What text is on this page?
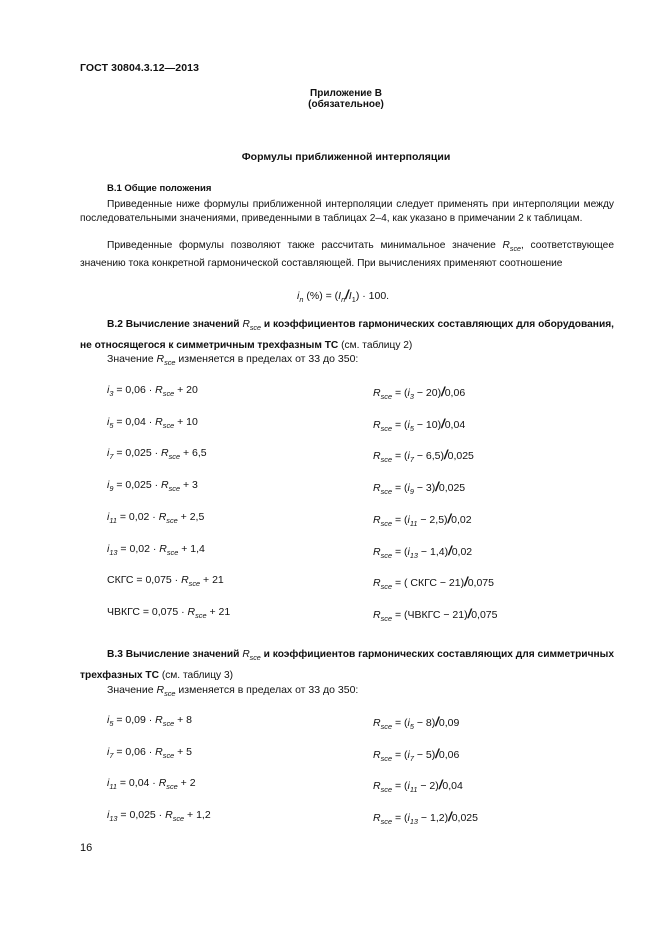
ГОСТ 30804.3.12—2013
Приложение В
(обязательное)
Формулы приближенной интерполяции
В.1 Общие положения
Приведенные ниже формулы приближенной интерполяции следует применять при интерполяции между последовательными значениями, приведенными в таблицах 2–4, как указано в примечании 2 к таблицам.
Приведенные формулы позволяют также рассчитать минимальное значение $R_{sce}$, соответствующее значению тока конкретной гармонической составляющей. При вычислениях применяют соотношение
$i_n$ (%) = $(I_n/I_1) \cdot 100$.
В.2 Вычисление значений $R_{sce}$ и коэффициентов гармонических составляющих для оборудования, не относящегося к симметричным трехфазным ТС (см. таблицу 2)
Значение $R_{sce}$ изменяется в пределах от 33 до 350:
$i_3 = 0,06 \cdot R_{sce} + 20$	$R_{sce} = (i_3 - 20)/0,06$
$i_5 = 0,04 \cdot R_{sce} + 10$	$R_{sce} = (i_5 - 10)/0,04$
$i_7 = 0,025 \cdot R_{sce} + 6,5$	$R_{sce} = (i_7 - 6,5)/0,025$
$i_9 = 0,025 \cdot R_{sce} + 3$	$R_{sce} = (i_9 - 3)/0,025$
$i_{11} = 0,02 \cdot R_{sce} + 2,5$	$R_{sce} = (i_{11} - 2,5)/0,02$
$i_{13} = 0,02 \cdot R_{sce} + 1,4$	$R_{sce} = (i_{13} - 1,4)/0,02$
СКГС = $0,075 \cdot R_{sce} + 21$	$R_{sce}$ = ( СКГС − 21)/0,075
ЧВКГС = $0,075 \cdot R_{sce} + 21$	$R_{sce}$ = (ЧВКГС − 21)/0,075
В.3 Вычисление значений $R_{sce}$ и коэффициентов гармонических составляющих для симметричных трехфазных ТС (см. таблицу 3)
Значение $R_{sce}$ изменяется в пределах от 33 до 350:
$i_5 = 0,09 \cdot R_{sce} + 8$	$R_{sce} = (i_5 - 8)/0,09$
$i_7 = 0,06 \cdot R_{sce} + 5$	$R_{sce} = (i_7 - 5)/0,06$
$i_{11} = 0,04 \cdot R_{sce} + 2$	$R_{sce} = (i_{11} - 2)/0,04$
$i_{13} = 0,025 \cdot R_{sce} + 1,2$	$R_{sce} = (i_{13} - 1,2)/0,025$
16
